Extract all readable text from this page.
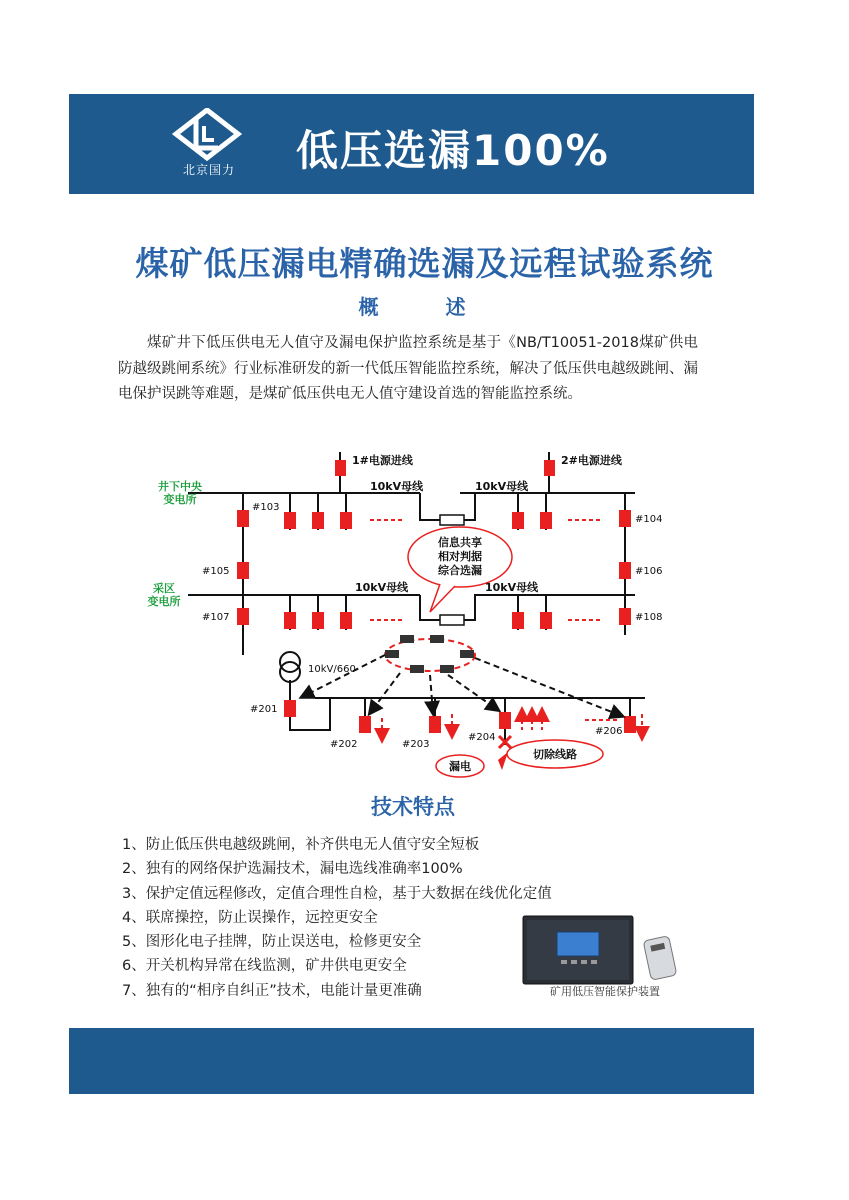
北京国力 低压选漏100%
煤矿低压漏电精确选漏及远程试验系统
概 述

煤矿井下低压供电无人值守及漏电保护监控系统是基于《NB/T10051-2018煤矿供电防越级跳闸系统》行业标准研发的新一代低压智能监控系统，解决了低压供电越级跳闸、漏电保护误跳等难题，是煤矿低压供电无人值守建设首选的智能监控系统。

信息共享
相对判据
综合选漏
切除线路
漏电
1#电源进线	2#电源进线
10kV母线	10kV母线
10kV母线	10kV母线
10kV/660
#103
#104
#105	#106
#107	#108
#201
#202	#203
#204
#206
井下中央
变电所
采区
变电所
技术特点
1、防止低压供电越级跳闸，补齐供电无人值守安全短板
2、独有的网络保护选漏技术，漏电选线准确率100%
3、保护定值远程修改，定值合理性自检，基于大数据在线优化定值
4、联席操控，防止误操作，远控更安全
5、图形化电子挂牌，防止误送电，检修更安全
6、开关机构异常在线监测，矿井供电更安全
7、独有的“相序自纠正”技术，电能计量更准确	矿用低压智能保护装置
